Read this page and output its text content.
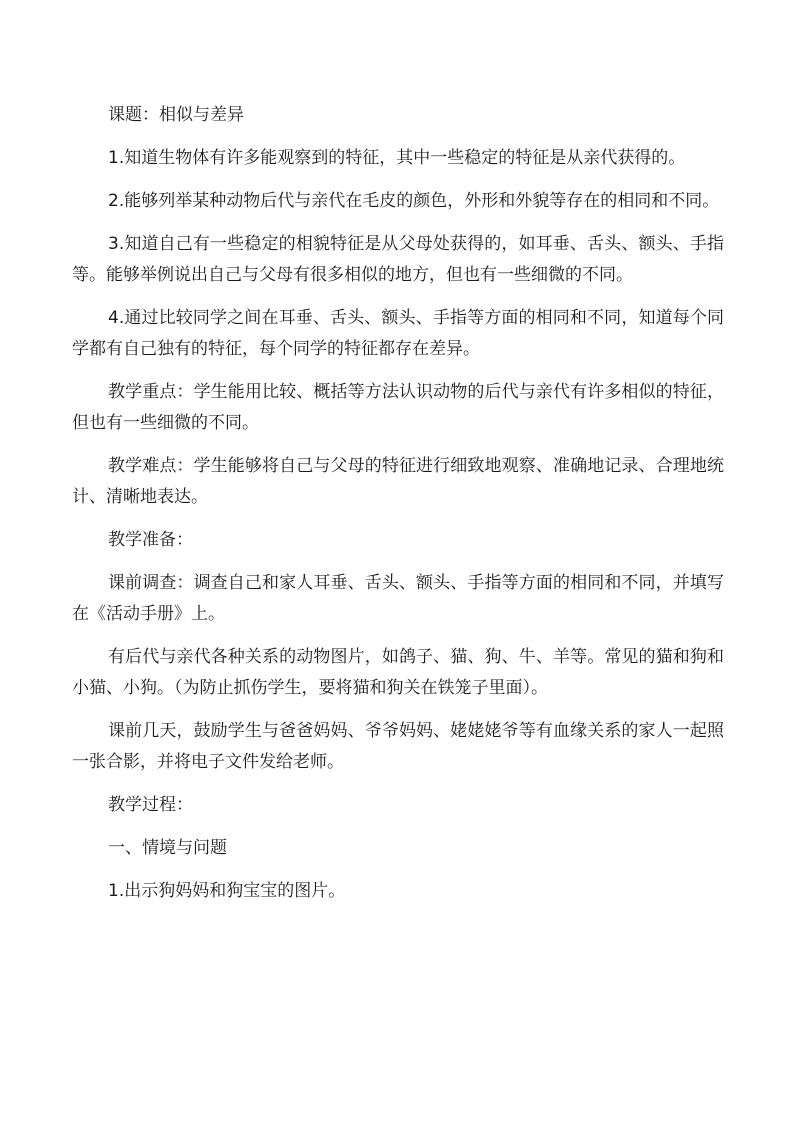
课题：相似与差异

1.知道生物体有许多能观察到的特征，其中一些稳定的特征是从亲代获得的。

2.能够列举某种动物后代与亲代在毛皮的颜色，外形和外貌等存在的相同和不同。

3.知道自己有一些稳定的相貌特征是从父母处获得的，如耳垂、舌头、额头、手指等。能够举例说出自己与父母有很多相似的地方，但也有一些细微的不同。

4.通过比较同学之间在耳垂、舌头、额头、手指等方面的相同和不同，知道每个同学都有自己独有的特征，每个同学的特征都存在差异。

教学重点：学生能用比较、概括等方法认识动物的后代与亲代有许多相似的特征，但也有一些细微的不同。

教学难点：学生能够将自己与父母的特征进行细致地观察、准确地记录、合理地统计、清晰地表达。

教学准备：

课前调查：调查自己和家人耳垂、舌头、额头、手指等方面的相同和不同，并填写在《活动手册》上。

有后代与亲代各种关系的动物图片，如鸽子、猫、狗、牛、羊等。常见的猫和狗和小猫、小狗。（为防止抓伤学生，要将猫和狗关在铁笼子里面）。

课前几天，鼓励学生与爸爸妈妈、爷爷妈妈、姥姥姥爷等有血缘关系的家人一起照一张合影，并将电子文件发给老师。

教学过程：

一、情境与问题

1.出示狗妈妈和狗宝宝的图片。
